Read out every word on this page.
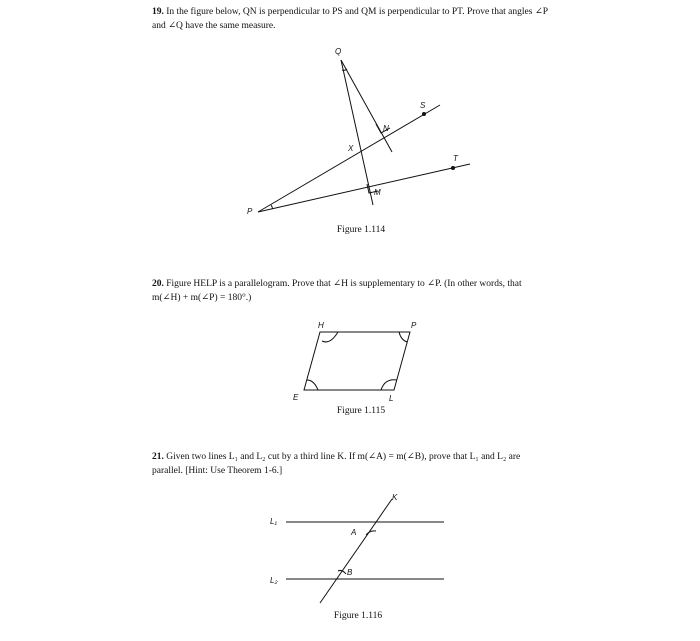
19. In the figure below, QN is perpendicular to PS and QM is perpendicular to PT. Prove that angles ∠P and ∠Q have the same measure.
Q
S
N
X
T
M
P
Figure 1.114
20. Figure HELP is a parallelogram. Prove that ∠H is supplementary to ∠P. (In other words, that m(∠H) + m(∠P) = 180°.)
H	P
E	L
Figure 1.115
21. Given two lines L₁ and L₂ cut by a third line K. If m(∠A) = m(∠B), prove that L₁ and L₂ are parallel. [Hint: Use Theorem 1-6.]
K
L₁
L₂
A
B
Figure 1.116
